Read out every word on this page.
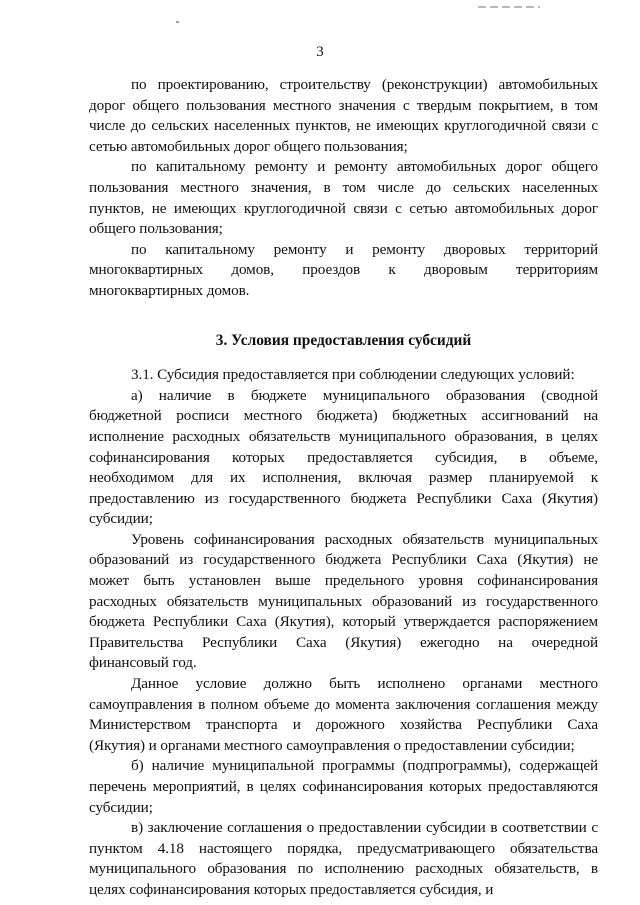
3

по проектированию, строительству (реконструкции) автомобильных

дорог общего пользования местного значения с твердым покрытием, в том

числе до сельских населенных пунктов, не имеющих круглогодичной связи с

сетью автомобильных дорог общего пользования;

по капитальному ремонту и ремонту автомобильных дорог общего

пользования местного значения, в том числе до сельских населенных

пунктов, не имеющих круглогодичной связи с сетью автомобильных дорог

общего пользования;

по капитальному ремонту и ремонту дворовых территорий

многоквартирных домов, проездов к дворовым территориям

многоквартирных домов.

3. Условия предоставления субсидий

3.1. Субсидия предоставляется при соблюдении следующих условий:

а) наличие в бюджете муниципального образования (сводной

бюджетной росписи местного бюджета) бюджетных ассигнований на

исполнение расходных обязательств муниципального образования, в целях

софинансирования которых предоставляется субсидия, в объеме,

необходимом для их исполнения, включая размер планируемой к

предоставлению из государственного бюджета Республики Саха (Якутия)

субсидии;

Уровень софинансирования расходных обязательств муниципальных

образований из государственного бюджета Республики Саха (Якутия) не

может быть установлен выше предельного уровня софинансирования

расходных обязательств муниципальных образований из государственного

бюджета Республики Саха (Якутия), который утверждается распоряжением

Правительства Республики Саха (Якутия) ежегодно на очередной

финансовый год.

Данное условие должно быть исполнено органами местного

самоуправления в полном объеме до момента заключения соглашения между

Министерством транспорта и дорожного хозяйства Республики Саха

(Якутия) и органами местного самоуправления о предоставлении субсидии;

б) наличие муниципальной программы (подпрограммы), содержащей

перечень мероприятий, в целях софинансирования которых предоставляются

субсидии;

в) заключение соглашения о предоставлении субсидии в соответствии с

пунктом 4.18 настоящего порядка, предусматривающего обязательства

муниципального образования по исполнению расходных обязательств, в

целях софинансирования которых предоставляется субсидия, и
